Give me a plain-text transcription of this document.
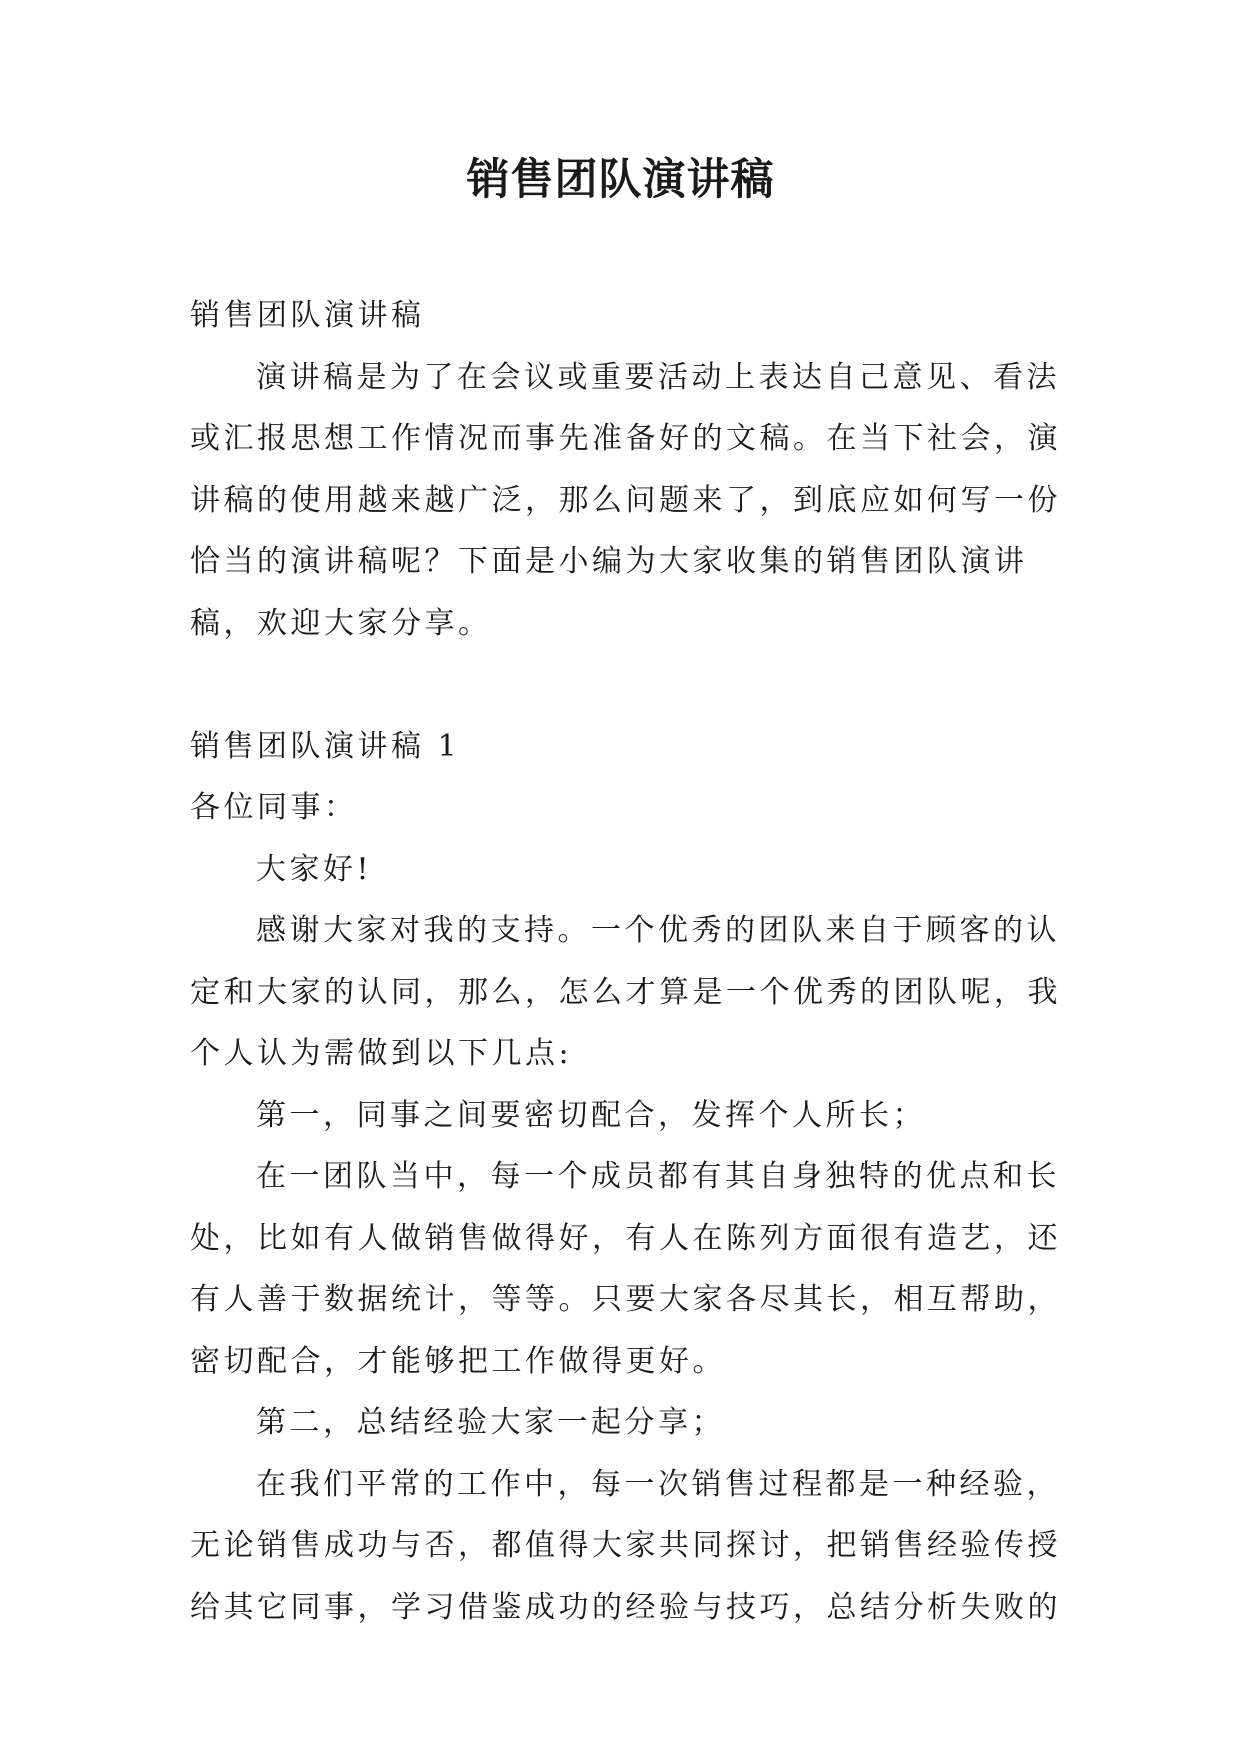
销售团队演讲稿

销售团队演讲稿

演讲稿是为了在会议或重要活动上表达自己意见、看法或汇报思想工作情况而事先准备好的文稿。在当下社会，演讲稿的使用越来越广泛，那么问题来了，到底应如何写一份恰当的演讲稿呢？下面是小编为大家收集的销售团队演讲稿，欢迎大家分享。

销售团队演讲稿 1

各位同事：

大家好!

感谢大家对我的支持。一个优秀的团队来自于顾客的认定和大家的认同，那么，怎么才算是一个优秀的团队呢，我个人认为需做到以下几点:

第一，同事之间要密切配合，发挥个人所长；

在一团队当中，每一个成员都有其自身独特的优点和长处，比如有人做销售做得好，有人在陈列方面很有造艺，还有人善于数据统计，等等。只要大家各尽其长，相互帮助，密切配合，才能够把工作做得更好。

第二，总结经验大家一起分享；

在我们平常的工作中，每一次销售过程都是一种经验，无论销售成功与否，都值得大家共同探讨，把销售经验传授给其它同事，学习借鉴成功的经验与技巧，总结分析失败的
